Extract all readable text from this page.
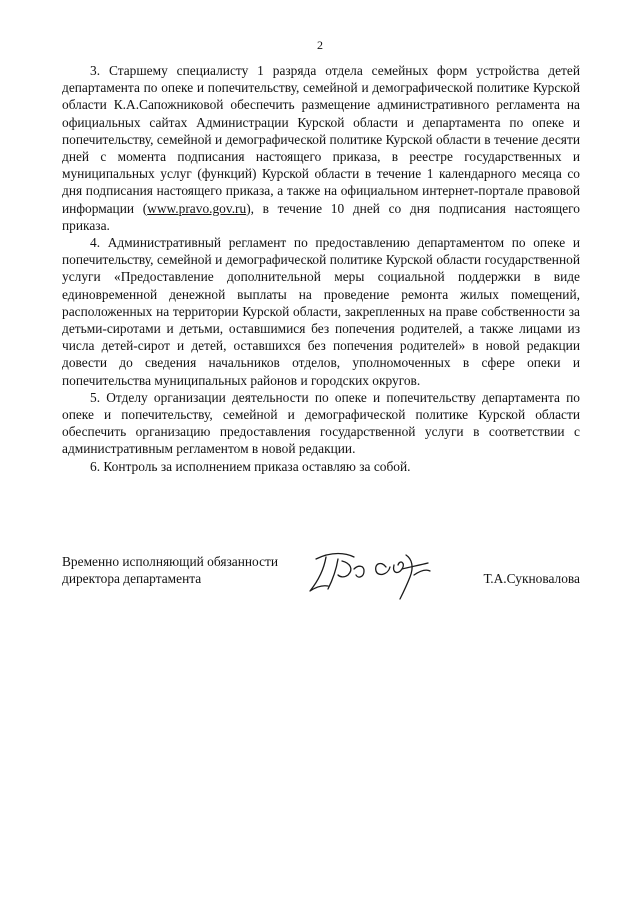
2

3. Старшему специалисту 1 разряда отдела семейных форм устройства детей департамента по опеке и попечительству, семейной и демографической политике Курской области К.А.Сапожниковой обеспечить размещение административного регламента на официальных сайтах Администрации Курской области и департамента по опеке и попечительству, семейной и демографической политике Курской области в течение десяти дней с момента подписания настоящего приказа, в реестре государственных и муниципальных услуг (функций) Курской области в течение 1 календарного месяца со дня подписания настоящего приказа, а также на официальном интернет-портале правовой информации (www.pravo.gov.ru), в течение 10 дней со дня подписания настоящего приказа.

4. Административный регламент по предоставлению департаментом по опеке и попечительству, семейной и демографической политике Курской области государственной услуги «Предоставление дополнительной меры социальной поддержки в виде единовременной денежной выплаты на проведение ремонта жилых помещений, расположенных на территории Курской области, закрепленных на праве собственности за детьми-сиротами и детьми, оставшимися без попечения родителей, а также лицами из числа детей-сирот и детей, оставшихся без попечения родителей» в новой редакции довести до сведения начальников отделов, уполномоченных в сфере опеки и попечительства муниципальных районов и городских округов.

5. Отделу организации деятельности по опеке и попечительству департамента по опеке и попечительству, семейной и демографической политике Курской области обеспечить организацию предоставления государственной услуги в соответствии с административным регламентом в новой редакции.

6. Контроль за исполнением приказа оставляю за собой.

Временно исполняющий обязанности
директора департамента	Т.А.Сукновалова
